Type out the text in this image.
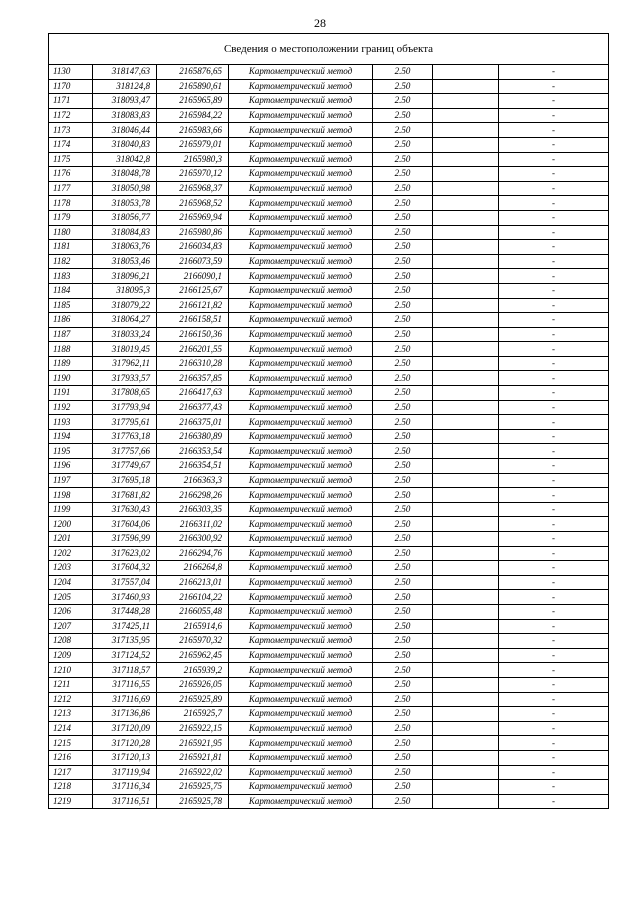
28
Сведения о местоположении границ объекта						
1130	318147,63	2165876,65	Картометрический метод	2.50		-
1170	318124,8	2165890,61	Картометрический метод	2.50		-
1171	318093,47	2165965,89	Картометрический метод	2.50		-
1172	318083,83	2165984,22	Картометрический метод	2.50		-
1173	318046,44	2165983,66	Картометрический метод	2.50		-
1174	318040,83	2165979,01	Картометрический метод	2.50		-
1175	318042,8	2165980,3	Картометрический метод	2.50		-
1176	318048,78	2165970,12	Картометрический метод	2.50		-
1177	318050,98	2165968,37	Картометрический метод	2.50		-
1178	318053,78	2165968,52	Картометрический метод	2.50		-
1179	318056,77	2165969,94	Картометрический метод	2.50		-
1180	318084,83	2165980,86	Картометрический метод	2.50		-
1181	318063,76	2166034,83	Картометрический метод	2.50		-
1182	318053,46	2166073,59	Картометрический метод	2.50		-
1183	318096,21	2166090,1	Картометрический метод	2.50		-
1184	318095,3	2166125,67	Картометрический метод	2.50		-
1185	318079,22	2166121,82	Картометрический метод	2.50		-
1186	318064,27	2166158,51	Картометрический метод	2.50		-
1187	318033,24	2166150,36	Картометрический метод	2.50		-
1188	318019,45	2166201,55	Картометрический метод	2.50		-
1189	317962,11	2166310,28	Картометрический метод	2.50		-
1190	317933,57	2166357,85	Картометрический метод	2.50		-
1191	317808,65	2166417,63	Картометрический метод	2.50		-
1192	317793,94	2166377,43	Картометрический метод	2.50		-
1193	317795,61	2166375,01	Картометрический метод	2.50		-
1194	317763,18	2166380,89	Картометрический метод	2.50		-
1195	317757,66	2166353,54	Картометрический метод	2.50		-
1196	317749,67	2166354,51	Картометрический метод	2.50		-
1197	317695,18	2166363,3	Картометрический метод	2.50		-
1198	317681,82	2166298,26	Картометрический метод	2.50		-
1199	317630,43	2166303,35	Картометрический метод	2.50		-
1200	317604,06	2166311,02	Картометрический метод	2.50		-
1201	317596,99	2166300,92	Картометрический метод	2.50		-
1202	317623,02	2166294,76	Картометрический метод	2.50		-
1203	317604,32	2166264,8	Картометрический метод	2.50		-
1204	317557,04	2166213,01	Картометрический метод	2.50		-
1205	317460,93	2166104,22	Картометрический метод	2.50		-
1206	317448,28	2166055,48	Картометрический метод	2.50		-
1207	317425,11	2165914,6	Картометрический метод	2.50		-
1208	317135,95	2165970,32	Картометрический метод	2.50		-
1209	317124,52	2165962,45	Картометрический метод	2.50		-
1210	317118,57	2165939,2	Картометрический метод	2.50		-
1211	317116,55	2165926,05	Картометрический метод	2.50		-
1212	317116,69	2165925,89	Картометрический метод	2.50		-
1213	317136,86	2165925,7	Картометрический метод	2.50		-
1214	317120,09	2165922,15	Картометрический метод	2.50		-
1215	317120,28	2165921,95	Картометрический метод	2.50		-
1216	317120,13	2165921,81	Картометрический метод	2.50		-
1217	317119,94	2165922,02	Картометрический метод	2.50		-
1218	317116,34	2165925,75	Картометрический метод	2.50		-
1219	317116,51	2165925,78	Картометрический метод	2.50		-
